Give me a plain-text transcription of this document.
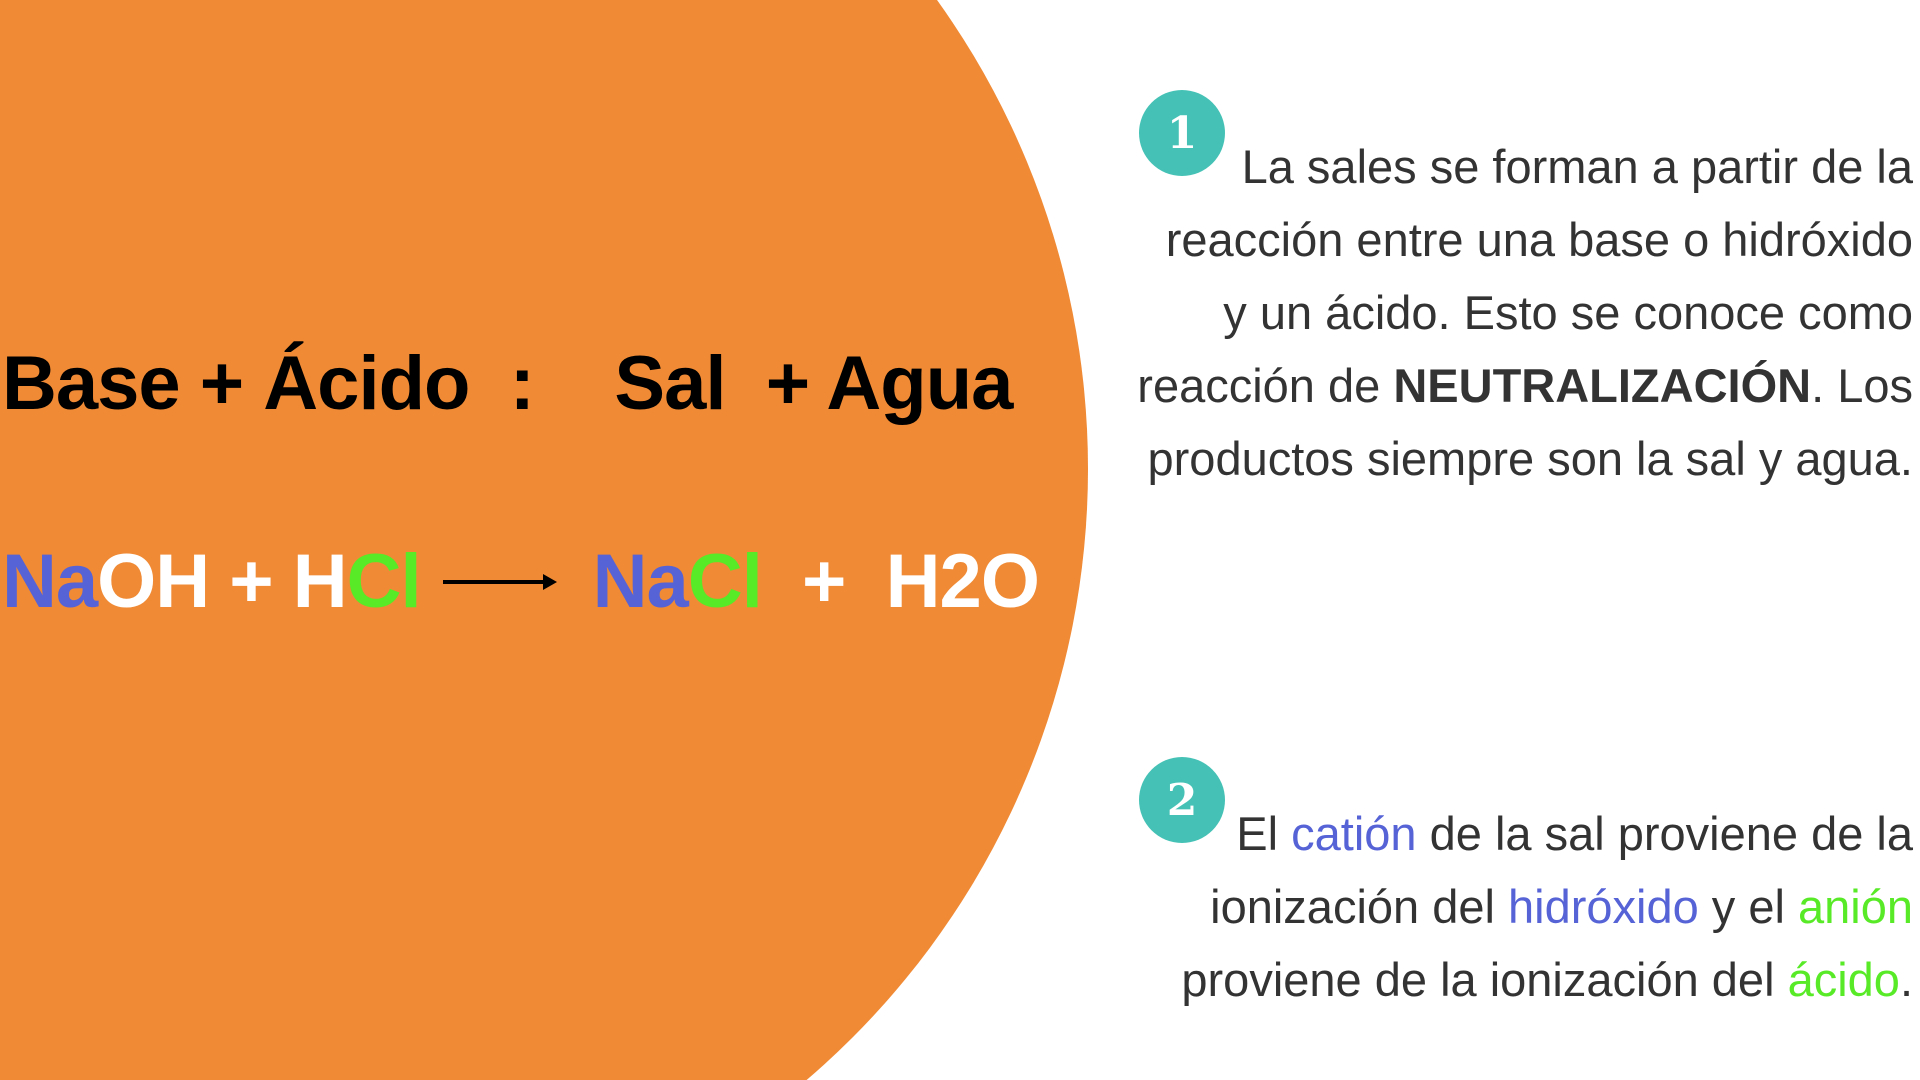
Base + Ácido  :    Sal  + Agua
Na OH + H Cl Na Cl + H2O
1
La sales se forman a partir de la
reacción entre una base o hidróxido
y un ácido. Esto se conoce como
reacción de NEUTRALIZACIÓN. Los
productos siempre son la sal y agua.
2
El catión de la sal proviene de la
ionización del hidróxido y el anión
proviene de la ionización del ácido.
